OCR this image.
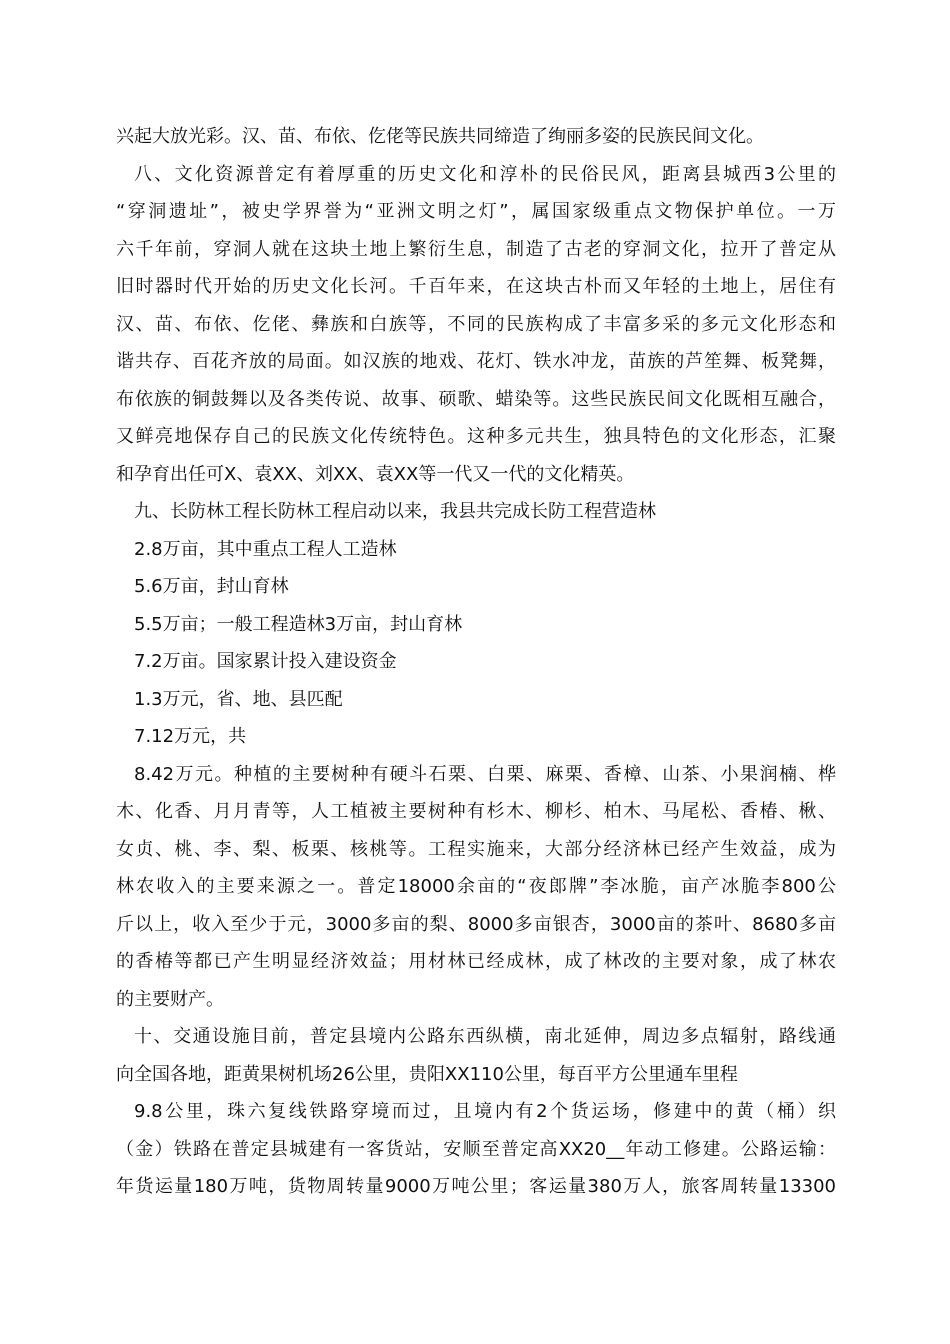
兴起大放光彩。汉、苗、布依、仡佬等民族共同缔造了绚丽多姿的民族民间文化。
八、文化资源普定有着厚重的历史文化和淳朴的民俗民风，距离县城西3公里的
“穿洞遗址”，被史学界誉为“亚洲文明之灯”，属国家级重点文物保护单位。一万
六千年前，穿洞人就在这块土地上繁衍生息，制造了古老的穿洞文化，拉开了普定从
旧时器时代开始的历史文化长河。千百年来，在这块古朴而又年轻的土地上，居住有
汉、苗、布依、仡佬、彝族和白族等，不同的民族构成了丰富多采的多元文化形态和
谐共存、百花齐放的局面。如汉族的地戏、花灯、铁水冲龙，苗族的芦笙舞、板凳舞，
布依族的铜鼓舞以及各类传说、故事、硕歌、蜡染等。这些民族民间文化既相互融合，
又鲜亮地保存自己的民族文化传统特色。这种多元共生，独具特色的文化形态，汇聚
和孕育出任可X、袁XX、刘XX、袁XX等一代又一代的文化精英。
九、长防林工程长防林工程启动以来，我县共完成长防工程营造林
2.8万亩，其中重点工程人工造林
5.6万亩，封山育林
5.5万亩；一般工程造林3万亩，封山育林
7.2万亩。国家累计投入建设资金
1.3万元，省、地、县匹配
7.12万元，共
8.42万元。种植的主要树种有硬斗石栗、白栗、麻栗、香樟、山茶、小果润楠、桦
木、化香、月月青等，人工植被主要树种有杉木、柳杉、柏木、马尾松、香椿、楸、
女贞、桃、李、梨、板栗、核桃等。工程实施来，大部分经济林已经产生效益，成为
林农收入的主要来源之一。普定18000余亩的“夜郎牌”李冰脆，亩产冰脆李800公
斤以上，收入至少于元，3000多亩的梨、8000多亩银杏，3000亩的茶叶、8680多亩
的香椿等都已产生明显经济效益；用材林已经成林，成了林改的主要对象，成了林农
的主要财产。
十、交通设施目前，普定县境内公路东西纵横，南北延伸，周边多点辐射，路线通
向全国各地，距黄果树机场26公里，贵阳XX110公里，每百平方公里通车里程
9.8公里，珠六复线铁路穿境而过，且境内有2个货运场，修建中的黄（桶）织
（金）铁路在普定县城建有一客货站，安顺至普定高XX20__年动工修建。公路运输：
年货运量180万吨，货物周转量9000万吨公里；客运量380万人，旅客周转量13300
